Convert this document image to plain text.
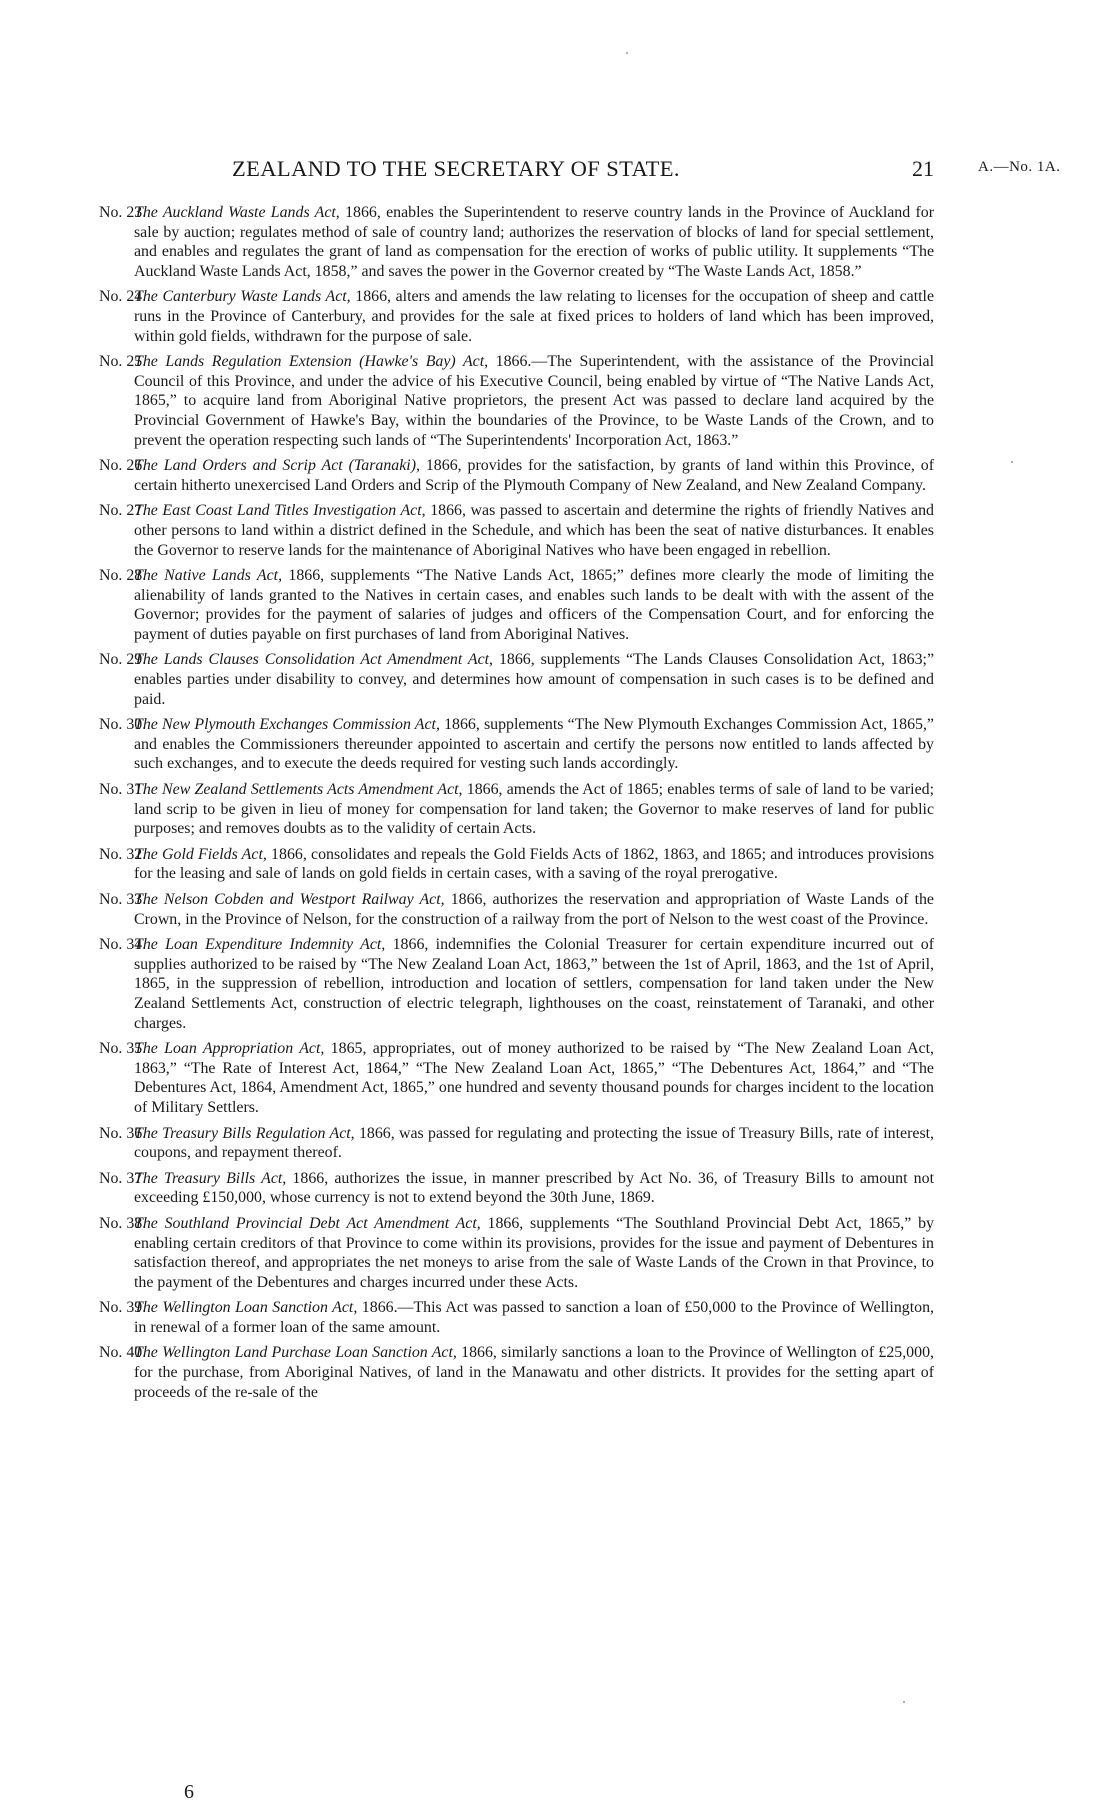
ZEALAND TO THE SECRETARY OF STATE.	21	A.—No. 1A.

No. 23.
The Auckland Waste Lands Act, 1866, enables the Superintendent to reserve country lands in the Province of Auckland for sale by auction; regulates method of sale of country land; authorizes the reservation of blocks of land for special settlement, and enables and regulates the grant of land as compensation for the erection of works of public utility. It supplements “The Auckland Waste Lands Act, 1858,” and saves the power in the Governor created by “The Waste Lands Act, 1858.”

No. 24.
The Canterbury Waste Lands Act, 1866, alters and amends the law relating to licenses for the occupation of sheep and cattle runs in the Province of Canterbury, and provides for the sale at fixed prices to holders of land which has been improved, within gold fields, withdrawn for the purpose of sale.

No. 25.
The Lands Regulation Extension (Hawke's Bay) Act, 1866.—The Superintendent, with the assistance of the Provincial Council of this Province, and under the advice of his Executive Council, being enabled by virtue of “The Native Lands Act, 1865,” to acquire land from Aboriginal Native proprietors, the present Act was passed to declare land acquired by the Provincial Government of Hawke's Bay, within the boundaries of the Province, to be Waste Lands of the Crown, and to prevent the operation respecting such lands of “The Superintendents' Incorporation Act, 1863.”

No. 26.
The Land Orders and Scrip Act (Taranaki), 1866, provides for the satisfaction, by grants of land within this Province, of certain hitherto unexercised Land Orders and Scrip of the Plymouth Company of New Zealand, and New Zealand Company.

No. 27.
The East Coast Land Titles Investigation Act, 1866, was passed to ascertain and determine the rights of friendly Natives and other persons to land within a district defined in the Schedule, and which has been the seat of native disturbances. It enables the Governor to reserve lands for the maintenance of Aboriginal Natives who have been engaged in rebellion.

No. 28.
The Native Lands Act, 1866, supplements “The Native Lands Act, 1865;” defines more clearly the mode of limiting the alienability of lands granted to the Natives in certain cases, and enables such lands to be dealt with with the assent of the Governor; provides for the payment of salaries of judges and officers of the Compensation Court, and for enforcing the payment of duties payable on first purchases of land from Aboriginal Natives.

No. 29.
The Lands Clauses Consolidation Act Amendment Act, 1866, supplements “The Lands Clauses Consolidation Act, 1863;” enables parties under disability to convey, and determines how amount of compensation in such cases is to be defined and paid.

No. 30.
The New Plymouth Exchanges Commission Act, 1866, supplements “The New Plymouth Exchanges Commission Act, 1865,” and enables the Commissioners thereunder appointed to ascertain and certify the persons now entitled to lands affected by such exchanges, and to execute the deeds required for vesting such lands accordingly.

No. 31.
The New Zealand Settlements Acts Amendment Act, 1866, amends the Act of 1865; enables terms of sale of land to be varied; land scrip to be given in lieu of money for compensation for land taken; the Governor to make reserves of land for public purposes; and removes doubts as to the validity of certain Acts.

No. 32.
The Gold Fields Act, 1866, consolidates and repeals the Gold Fields Acts of 1862, 1863, and 1865; and introduces provisions for the leasing and sale of lands on gold fields in certain cases, with a saving of the royal prerogative.

No. 33.
The Nelson Cobden and Westport Railway Act, 1866, authorizes the reservation and appropriation of Waste Lands of the Crown, in the Province of Nelson, for the construction of a railway from the port of Nelson to the west coast of the Province.

No. 34.
The Loan Expenditure Indemnity Act, 1866, indemnifies the Colonial Treasurer for certain expenditure incurred out of supplies authorized to be raised by “The New Zealand Loan Act, 1863,” between the 1st of April, 1863, and the 1st of April, 1865, in the suppression of rebellion, introduction and location of settlers, compensation for land taken under the New Zealand Settlements Act, construction of electric telegraph, lighthouses on the coast, reinstatement of Taranaki, and other charges.

No. 35.
The Loan Appropriation Act, 1865, appropriates, out of money authorized to be raised by “The New Zealand Loan Act, 1863,” “The Rate of Interest Act, 1864,” “The New Zealand Loan Act, 1865,” “The Debentures Act, 1864,” and “The Debentures Act, 1864, Amendment Act, 1865,” one hundred and seventy thousand pounds for charges incident to the location of Military Settlers.

No. 36.
The Treasury Bills Regulation Act, 1866, was passed for regulating and protecting the issue of Treasury Bills, rate of interest, coupons, and repayment thereof.

No. 37.
The Treasury Bills Act, 1866, authorizes the issue, in manner prescribed by Act No. 36, of Treasury Bills to amount not exceeding £150,000, whose currency is not to extend beyond the 30th June, 1869.

No. 38.
The Southland Provincial Debt Act Amendment Act, 1866, supplements “The Southland Provincial Debt Act, 1865,” by enabling certain creditors of that Province to come within its provisions, provides for the issue and payment of Debentures in satisfaction thereof, and appropriates the net moneys to arise from the sale of Waste Lands of the Crown in that Province, to the payment of the Debentures and charges incurred under these Acts.

No. 39.
The Wellington Loan Sanction Act, 1866.—This Act was passed to sanction a loan of £50,000 to the Province of Wellington, in renewal of a former loan of the same amount.

No. 40.
The Wellington Land Purchase Loan Sanction Act, 1866, similarly sanctions a loan to the Province of Wellington of £25,000, for the purchase, from Aboriginal Natives, of land in the Manawatu and other districts. It provides for the setting apart of proceeds of the re-sale of the

6
